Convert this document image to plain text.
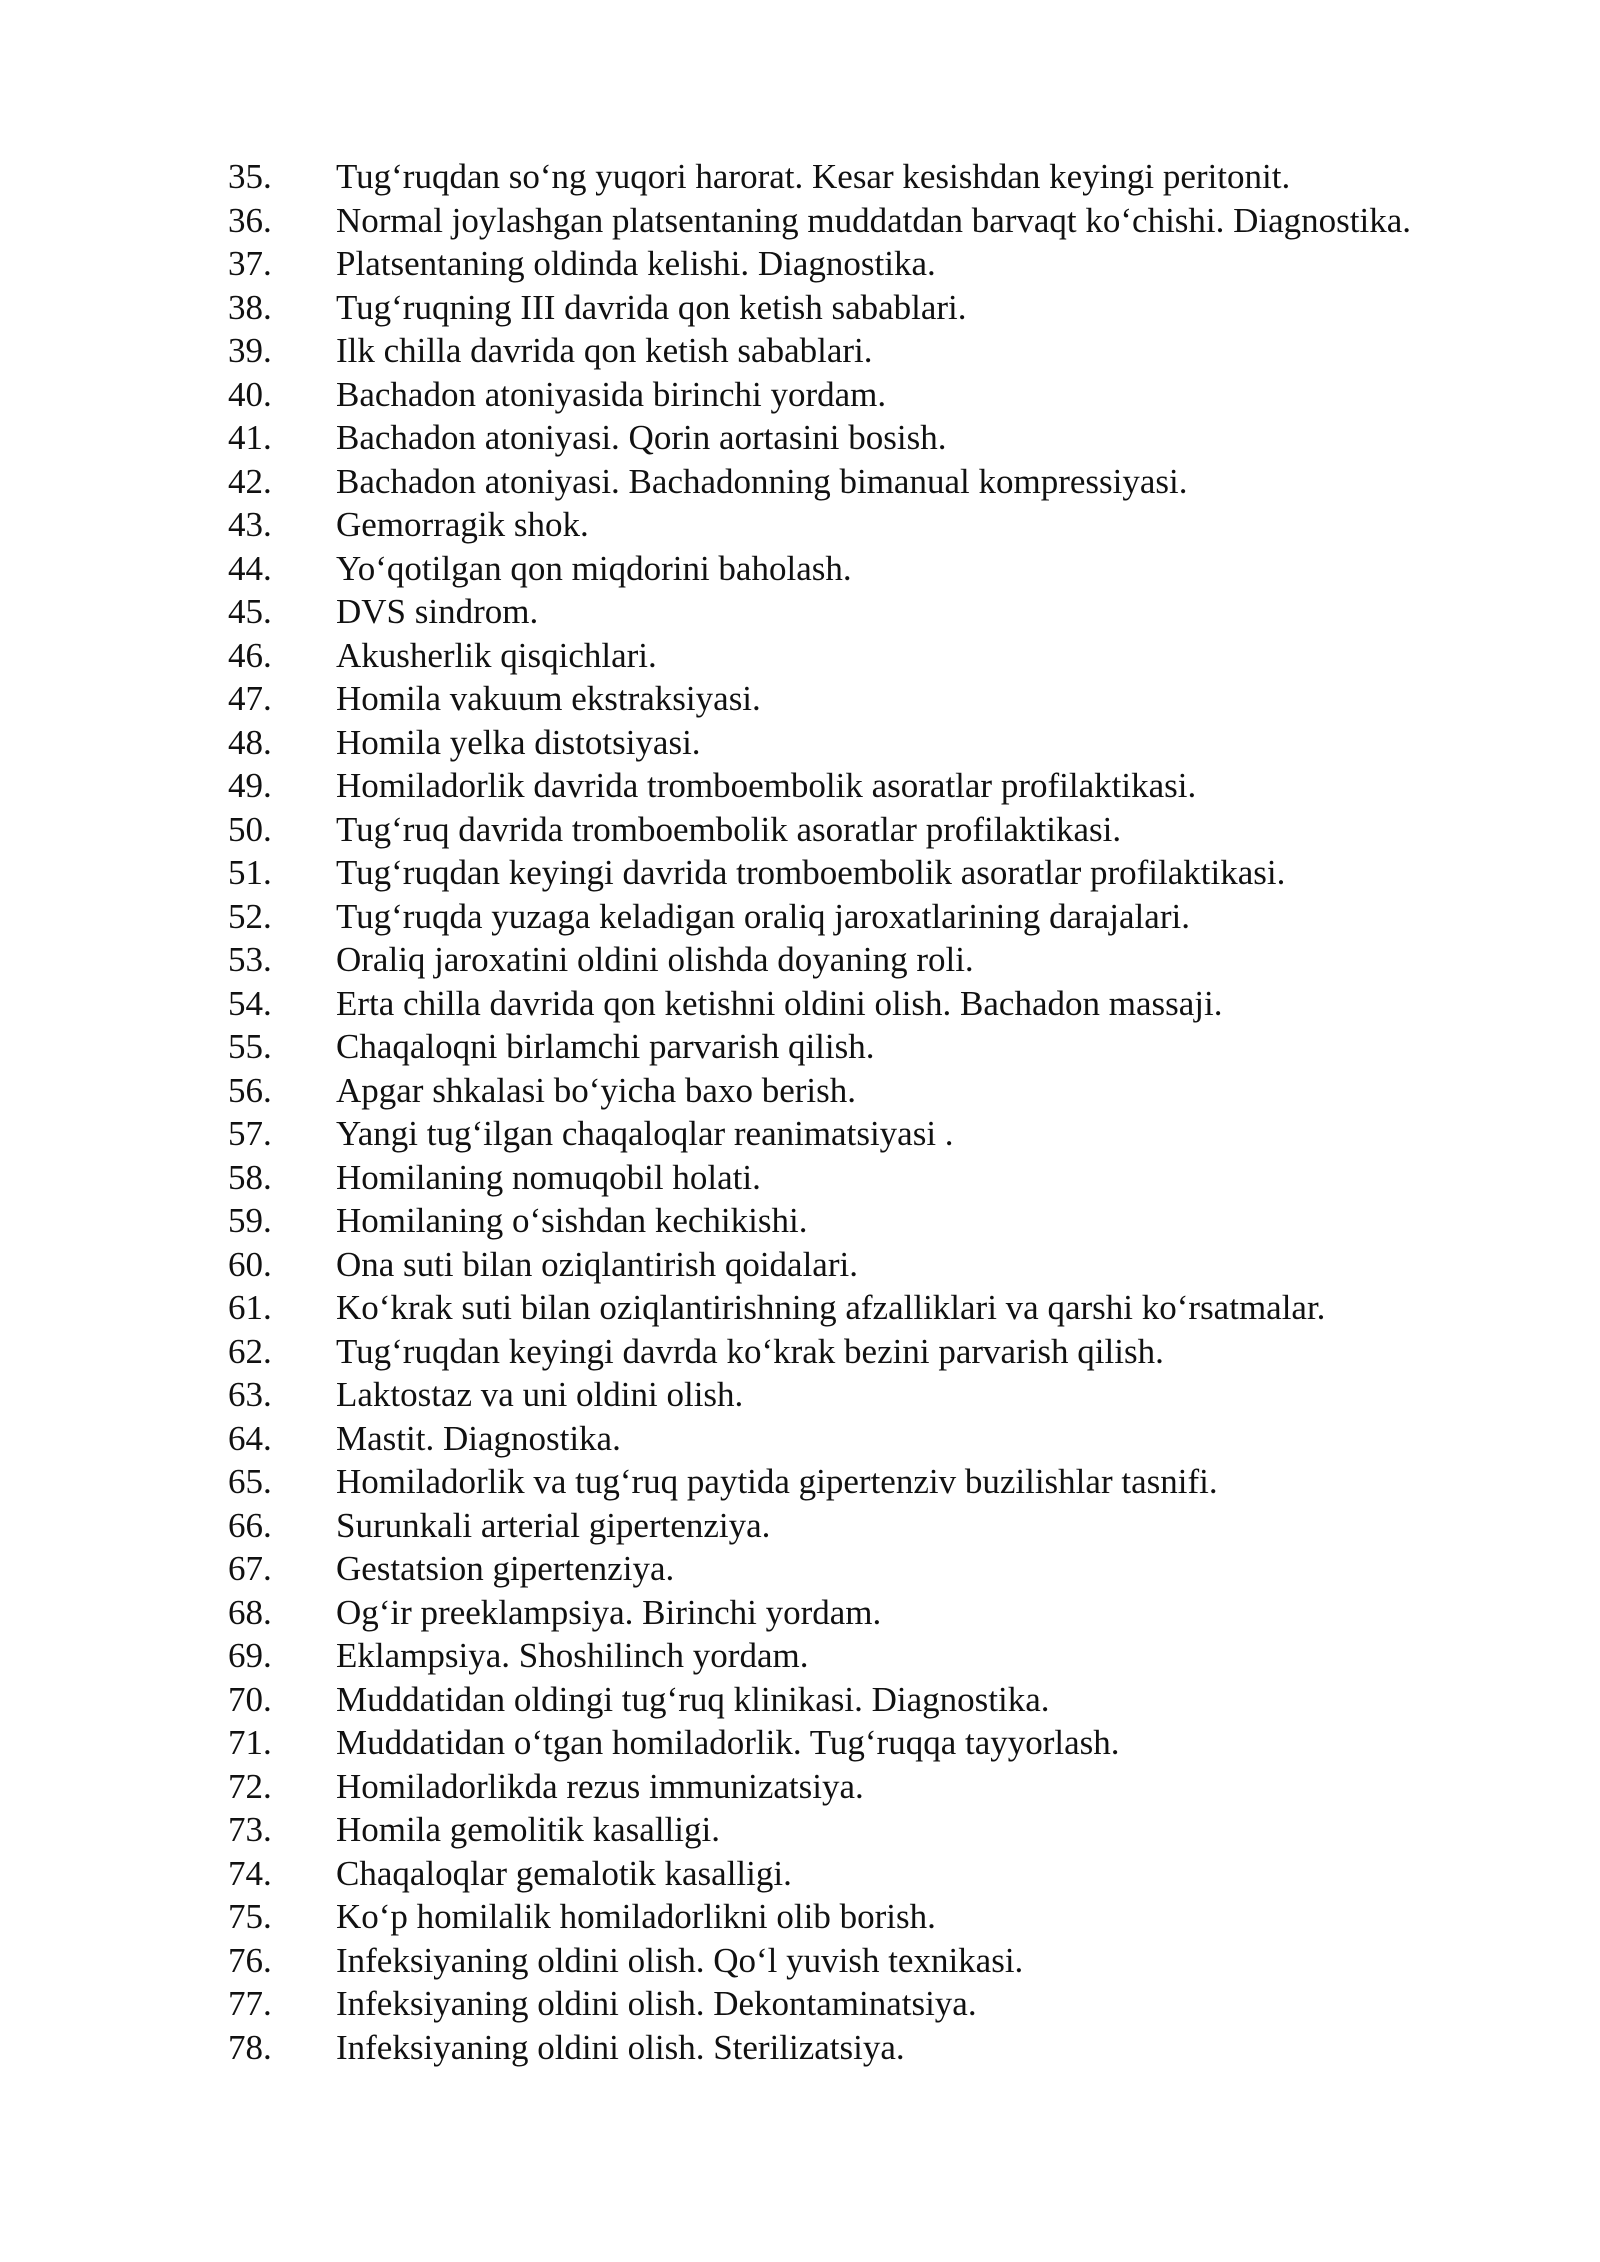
35.	Tug‘ruqdan so‘ng yuqori harorat. Kesar kesishdan keyingi peritonit.
36.	Normal joylashgan platsentaning muddatdan barvaqt ko‘chishi. Diagnostika.
37.	Platsentaning oldinda kelishi. Diagnostika.
38.	Tug‘ruqning III davrida qon ketish sabablari.
39.	Ilk chilla davrida qon ketish sabablari.
40.	Bachadon atoniyasida birinchi yordam.
41.	Bachadon atoniyasi. Qorin aortasini bosish.
42.	Bachadon atoniyasi. Bachadonning bimanual kompressiyasi.
43.	Gemorragik shok.
44.	Yo‘qotilgan qon miqdorini baholash.
45.	DVS sindrom.
46.	Akusherlik qisqichlari.
47.	Homila vakuum ekstraksiyasi.
48.	Homila yelka distotsiyasi.
49.	Homiladorlik davrida tromboembolik asoratlar profilaktikasi.
50.	Tug‘ruq davrida tromboembolik asoratlar profilaktikasi.
51.	Tug‘ruqdan keyingi davrida tromboembolik asoratlar profilaktikasi.
52.	Tug‘ruqda yuzaga keladigan oraliq jaroxatlarining darajalari.
53.	Oraliq jaroxatini oldini olishda doyaning roli.
54.	Erta chilla davrida qon ketishni oldini olish. Bachadon massaji.
55.	Chaqaloqni birlamchi parvarish qilish.
56.	Apgar shkalasi bo‘yicha baxo berish.
57.	Yangi tug‘ilgan chaqaloqlar reanimatsiyasi .
58.	Homilaning nomuqobil holati.
59.	Homilaning o‘sishdan kechikishi.
60.	Ona suti bilan oziqlantirish qoidalari.
61.	Ko‘krak suti bilan oziqlantirishning afzalliklari va qarshi ko‘rsatmalar.
62.	Tug‘ruqdan keyingi davrda ko‘krak bezini parvarish qilish.
63.	Laktostaz va uni oldini olish.
64.	Mastit. Diagnostika.
65.	Homiladorlik va tug‘ruq paytida gipertenziv buzilishlar tasnifi.
66.	Surunkali arterial gipertenziya.
67.	Gestatsion gipertenziya.
68.	Og‘ir preeklampsiya. Birinchi yordam.
69.	Eklampsiya. Shoshilinch yordam.
70.	Muddatidan oldingi tug‘ruq klinikasi. Diagnostika.
71.	Muddatidan o‘tgan homiladorlik. Tug‘ruqqa tayyorlash.
72.	Homiladorlikda rezus immunizatsiya.
73.	Homila gemolitik kasalligi.
74.	Chaqaloqlar gemalotik kasalligi.
75.	Ko‘p homilalik homiladorlikni olib borish.
76.	Infeksiyaning oldini olish. Qo‘l yuvish texnikasi.
77.	Infeksiyaning oldini olish. Dekontaminatsiya.
78.	Infeksiyaning oldini olish. Sterilizatsiya.
